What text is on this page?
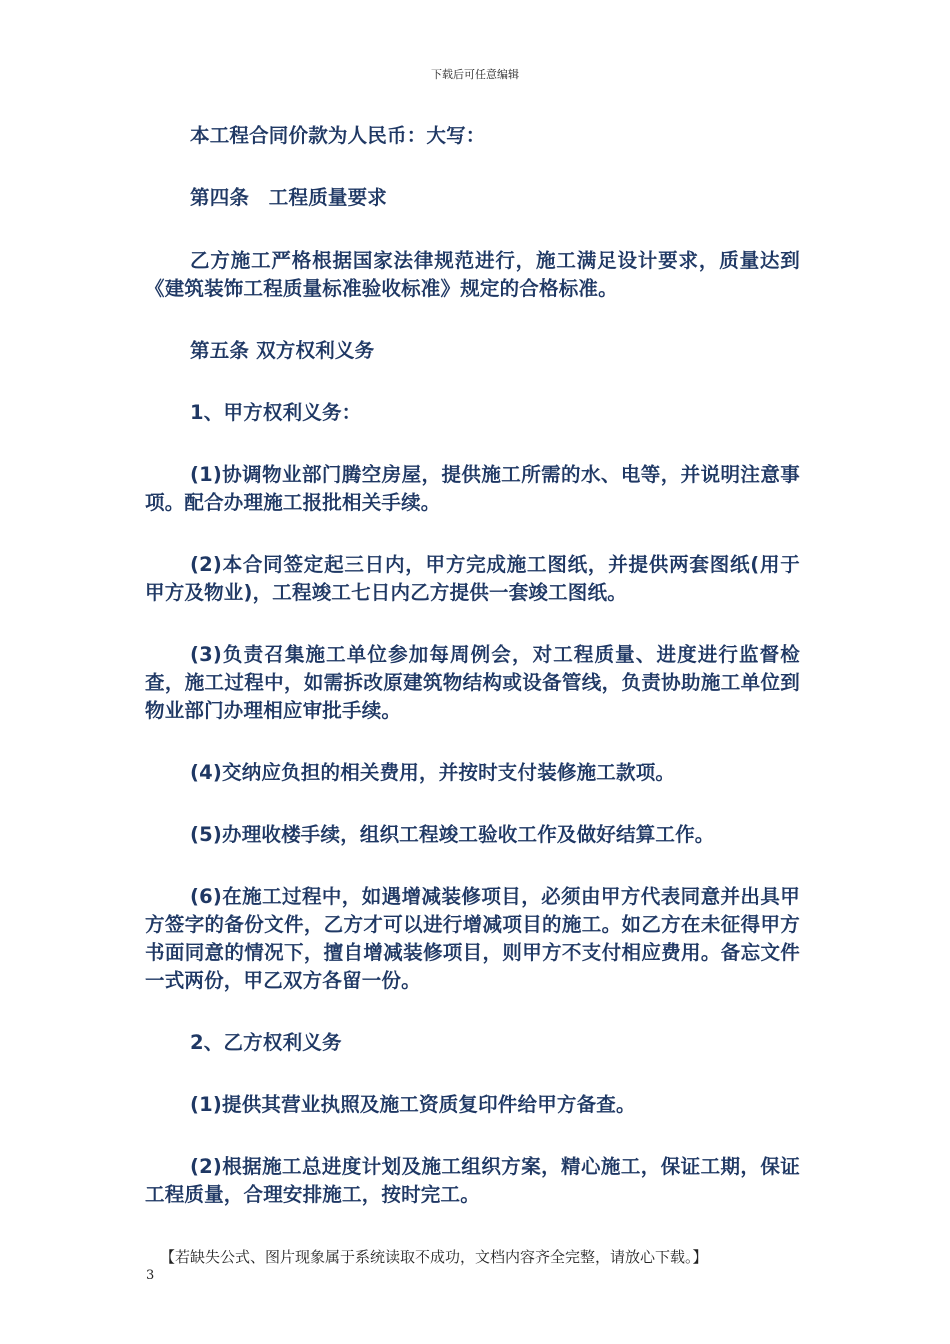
下载后可任意编辑

本工程合同价款为人民币：大写：

第四条　工程质量要求

乙方施工严格根据国家法律规范进行，施工满足设计要求，质量达到《建筑装饰工程质量标准验收标准》规定的合格标准。

第五条 双方权利义务

1、甲方权利义务：

(1)协调物业部门腾空房屋，提供施工所需的水、电等，并说明注意事项。配合办理施工报批相关手续。

(2)本合同签定起三日内，甲方完成施工图纸，并提供两套图纸(用于甲方及物业)，工程竣工七日内乙方提供一套竣工图纸。

(3)负责召集施工单位参加每周例会，对工程质量、进度进行监督检查，施工过程中，如需拆改原建筑物结构或设备管线，负责协助施工单位到物业部门办理相应审批手续。

(4)交纳应负担的相关费用，并按时支付装修施工款项。

(5)办理收楼手续，组织工程竣工验收工作及做好结算工作。

(6)在施工过程中，如遇增减装修项目，必须由甲方代表同意并出具甲方签字的备份文件，乙方才可以进行增减项目的施工。如乙方在未征得甲方书面同意的情况下，擅自增减装修项目，则甲方不支付相应费用。备忘文件一式两份，甲乙双方各留一份。

2、乙方权利义务

(1)提供其营业执照及施工资质复印件给甲方备查。

(2)根据施工总进度计划及施工组织方案，精心施工，保证工期，保证工程质量，合理安排施工，按时完工。

【若缺失公式、图片现象属于系统读取不成功，文档内容齐全完整，请放心下载。】
3
